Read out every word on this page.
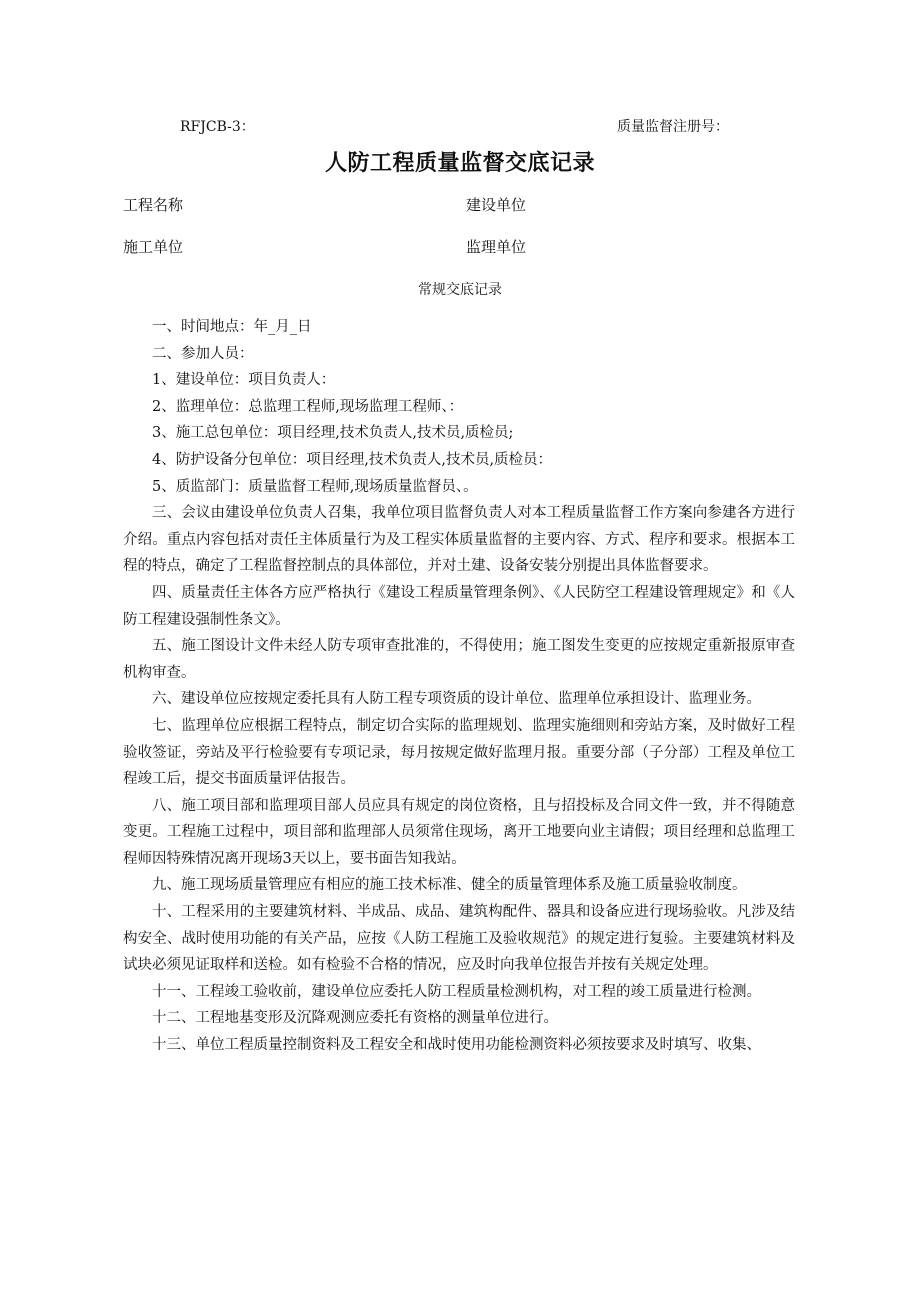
RFJCB-3：	质量监督注册号：
人防工程质量监督交底记录
工程名称	建设单位
施工单位	监理单位
常规交底记录

一、时间地点：年_月_日

二、参加人员：

1、建设单位：项目负责人：

2、监理单位：总监理工程师,现场监理工程师、：

3、施工总包单位：项目经理,技术负责人,技术员,质检员;

4、防护设备分包单位：项目经理,技术负责人,技术员,质检员：

5、质监部门：质量监督工程师,现场质量监督员、。

三、会议由建设单位负责人召集，我单位项目监督负责人对本工程质量监督工作方案向参建各方进行介绍。重点内容包括对责任主体质量行为及工程实体质量监督的主要内容、方式、程序和要求。根据本工程的特点，确定了工程监督控制点的具体部位，并对土建、设备安装分别提出具体监督要求。

四、质量责任主体各方应严格执行《建设工程质量管理条例》、《人民防空工程建设管理规定》和《人防工程建设强制性条文》。

五、施工图设计文件未经人防专项审查批准的，不得使用；施工图发生变更的应按规定重新报原审查机构审查。

六、建设单位应按规定委托具有人防工程专项资质的设计单位、监理单位承担设计、监理业务。

七、监理单位应根据工程特点，制定切合实际的监理规划、监理实施细则和旁站方案，及时做好工程验收签证，旁站及平行检验要有专项记录，每月按规定做好监理月报。重要分部（子分部）工程及单位工程竣工后，提交书面质量评估报告。

八、施工项目部和监理项目部人员应具有规定的岗位资格，且与招投标及合同文件一致，并不得随意变更。工程施工过程中，项目部和监理部人员须常住现场，离开工地要向业主请假；项目经理和总监理工程师因特殊情况离开现场3天以上，要书面告知我站。

九、施工现场质量管理应有相应的施工技术标准、健全的质量管理体系及施工质量验收制度。

十、工程采用的主要建筑材料、半成品、成品、建筑构配件、器具和设备应进行现场验收。凡涉及结构安全、战时使用功能的有关产品，应按《人防工程施工及验收规范》的规定进行复验。主要建筑材料及试块必须见证取样和送检。如有检验不合格的情况，应及时向我单位报告并按有关规定处理。

十一、工程竣工验收前，建设单位应委托人防工程质量检测机构，对工程的竣工质量进行检测。

十二、工程地基变形及沉降观测应委托有资格的测量单位进行。

十三、单位工程质量控制资料及工程安全和战时使用功能检测资料必须按要求及时填写、收集、
